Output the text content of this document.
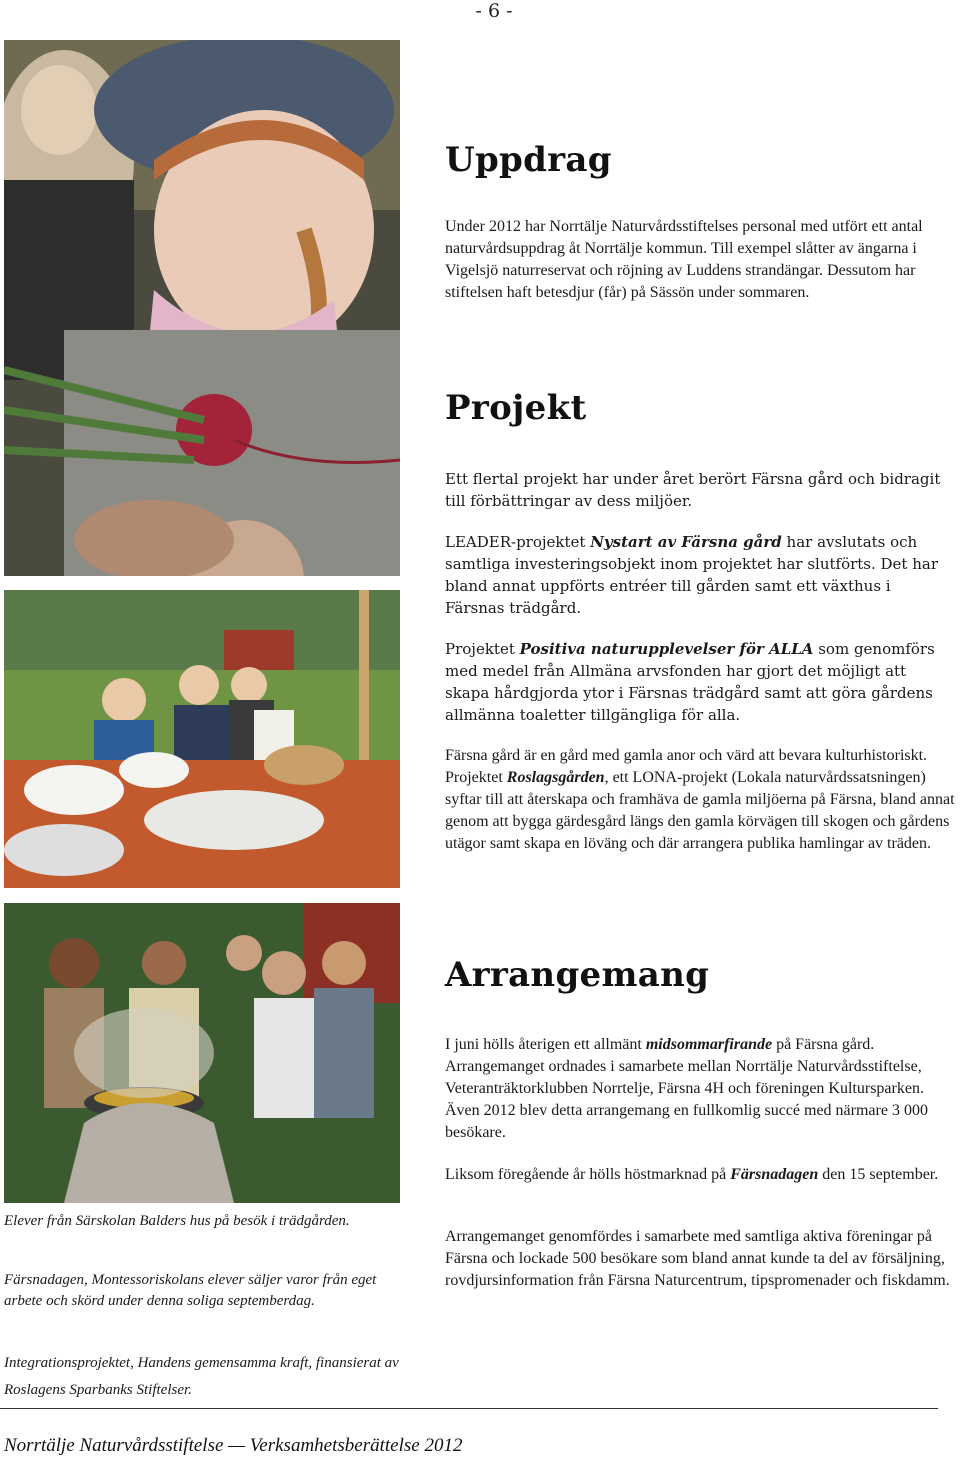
- 6 -
Uppdrag

Under 2012 har Norrtälje Naturvårdsstiftelses personal med utfört ett antal naturvårdsuppdrag åt Norrtälje kommun. Till exempel slåtter av ängarna i Vigelsjö naturreservat och röjning av Luddens strandängar. Dessutom har stiftelsen haft betesdjur (får) på Sässön under sommaren.

Projekt

Ett flertal projekt har under året berört Färsna gård och bidragit till förbättringar av dess miljöer.

LEADER-projektet Nystart av Färsna gård har avslutats och samtliga investeringsobjekt inom projektet har slutförts. Det har bland annat uppförts entréer till gården samt ett växthus i Färsnas trädgård.

Projektet Positiva naturupplevelser för ALLA som genomförs med medel från Allmäna arvsfonden har gjort det möjligt att skapa hårdgjorda ytor i Färsnas trädgård samt att göra gårdens allmänna toaletter tillgängliga för alla.

Färsna gård är en gård med gamla anor och värd att bevara kulturhistoriskt. Projektet Roslagsgården, ett LONA-projekt (Lokala naturvårdssatsningen) syftar till att återskapa och framhäva de gamla miljöerna på Färsna, bland annat genom att bygga gärdesgård längs den gamla körvägen till skogen och gårdens utägor samt skapa en löväng och där arrangera publika hamlingar av träden.

Arrangemang

I juni hölls återigen ett allmänt midsommarfirande på Färsna gård. Arrangemanget ordnades i samarbete mellan Norrtälje Naturvårdsstiftelse, Veteranträktorklubben Norrtelje, Färsna 4H och föreningen Kultursparken. Även 2012 blev detta arrangemang en fullkomlig succé med närmare 3 000 besökare.

Liksom föregående år hölls höstmarknad på Färsnadagen den 15 september.

Arrangemanget genomfördes i samarbete med samtliga aktiva föreningar på Färsna och lockade 500 besökare som bland annat kunde ta del av försäljning, rovdjursinformation från Färsna Naturcentrum, tipspromenader och fiskdamm.

Elever från Särskolan Balders hus på besök i trädgården.

Färsnadagen, Montessoriskolans elever säljer varor från eget arbete och skörd under denna soliga septemberdag.

Integrationsprojektet, Handens gemensamma kraft, finansierat av Roslagens Sparbanks Stiftelser.

Norrtälje Naturvårdsstiftelse — Verksamhetsberättelse 2012
